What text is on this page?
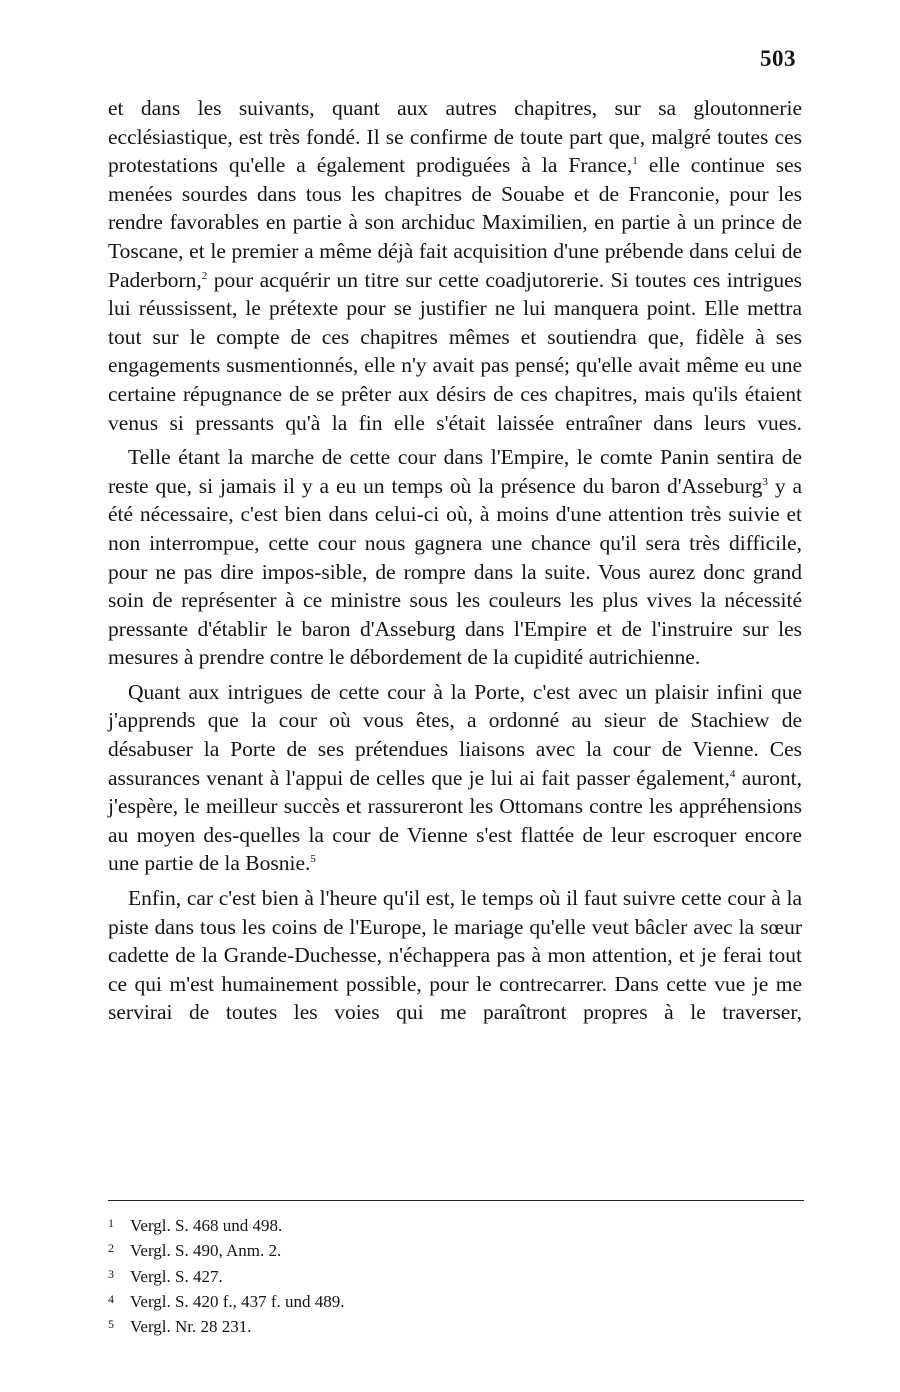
503

et dans les suivants, quant aux autres chapitres, sur sa gloutonnerie ecclésiastique, est très fondé. Il se confirme de toute part que, malgré toutes ces protestations qu'elle a également prodiguées à la France,$^1$ elle continue ses menées sourdes dans tous les chapitres de Souabe et de Franconie, pour les rendre favorables en partie à son archiduc Maximilien, en partie à un prince de Toscane, et le premier a même déjà fait acquisition d'une prébende dans celui de Paderborn,$^2$ pour acquérir un titre sur cette coadjutorerie. Si toutes ces intrigues lui réussissent, le prétexte pour se justifier ne lui manquera point. Elle mettra tout sur le compte de ces chapitres mêmes et soutiendra que, fidèle à ses engagements susmentionnés, elle n'y avait pas pensé; qu'elle avait même eu une certaine répugnance de se prêter aux désirs de ces chapitres, mais qu'ils étaient venus si pressants qu'à la fin elle s'était laissée entraîner dans leurs vues.

Telle étant la marche de cette cour dans l'Empire, le comte Panin sentira de reste que, si jamais il y a eu un temps où la présence du baron d'Asseburg$^3$ y a été nécessaire, c'est bien dans celui-ci où, à moins d'une attention très suivie et non interrompue, cette cour nous gagnera une chance qu'il sera très difficile, pour ne pas dire impos-sible, de rompre dans la suite. Vous aurez donc grand soin de représenter à ce ministre sous les couleurs les plus vives la nécessité pressante d'établir le baron d'Asseburg dans l'Empire et de l'instruire sur les mesures à prendre contre le débordement de la cupidité autrichienne.

Quant aux intrigues de cette cour à la Porte, c'est avec un plaisir infini que j'apprends que la cour où vous êtes, a ordonné au sieur de Stachiew de désabuser la Porte de ses prétendues liaisons avec la cour de Vienne. Ces assurances venant à l'appui de celles que je lui ai fait passer également,$^4$ auront, j'espère, le meilleur succès et rassureront les Ottomans contre les appréhensions au moyen des-quelles la cour de Vienne s'est flattée de leur escroquer encore une partie de la Bosnie.$^5$

Enfin, car c'est bien à l'heure qu'il est, le temps où il faut suivre cette cour à la piste dans tous les coins de l'Europe, le mariage qu'elle veut bâcler avec la sœur cadette de la Grande-Duchesse, n'échappera pas à mon attention, et je ferai tout ce qui m'est humainement possible, pour le contrecarrer. Dans cette vue je me servirai de toutes les voies qui me paraîtront propres à le traverser,

1 Vergl. S. 468 und 498.
2 Vergl. S. 490, Anm. 2.
3 Vergl. S. 427.
4 Vergl. S. 420 f., 437 f. und 489.
5 Vergl. Nr. 28 231.
